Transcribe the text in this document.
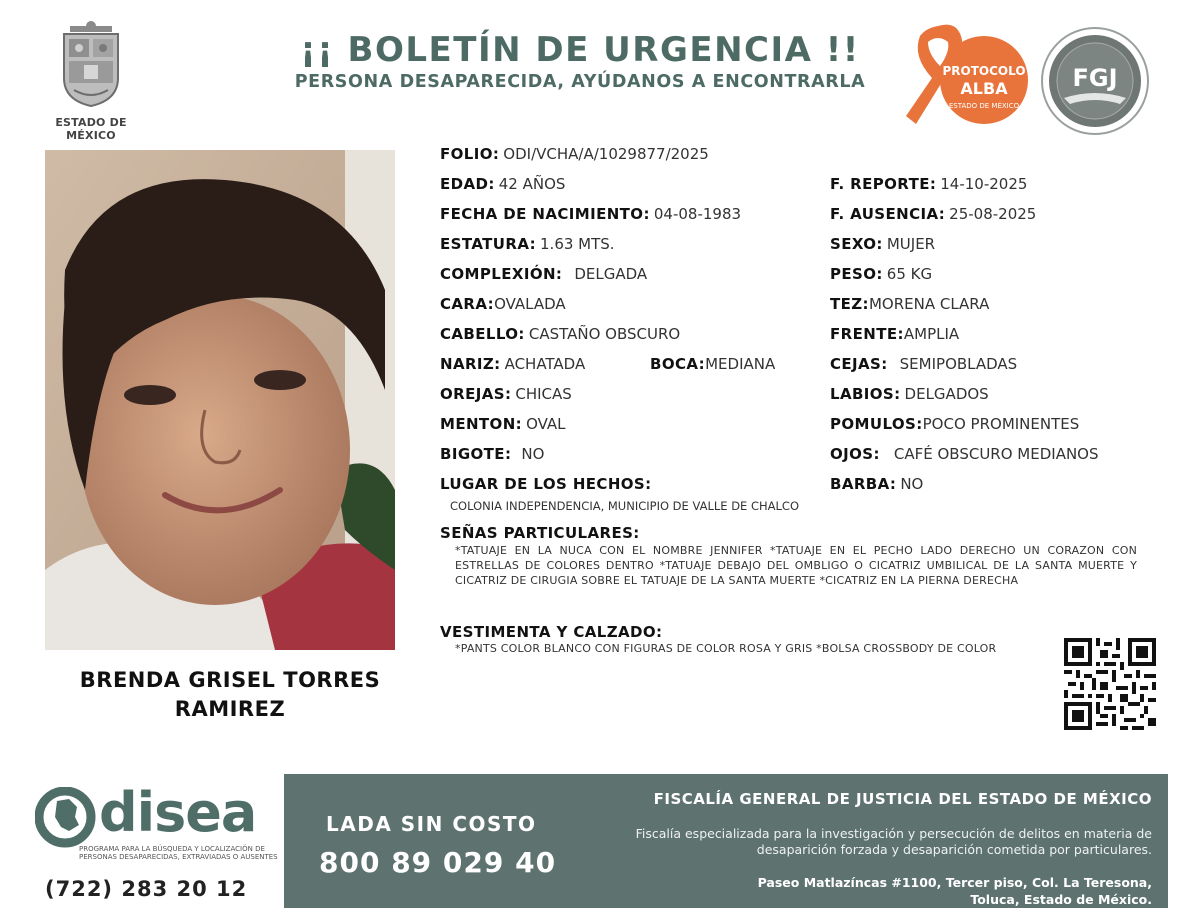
ESTADO DE MÉXICO
¡¡ BOLETÍN DE URGENCIA !!
PERSONA DESAPARECIDA, AYÚDANOS A ENCONTRARLA
PROTOCOLO
ALBA
ESTADO DE MÉXICO
FGJ
BRENDA GRISEL TORRES
RAMIREZ
FOLIO: ODI/VCHA/A/1029877/2025
EDAD: 42 AÑOS	F. REPORTE: 14-10-2025
FECHA DE NACIMIENTO: 04-08-1983	F. AUSENCIA: 25-08-2025
ESTATURA: 1.63 MTS.	SEXO: MUJER
COMPLEXIÓN: DELGADA	PESO: 65 KG
CARA:OVALADA	TEZ:MORENA CLARA
CABELLO: CASTAÑO OBSCURO	FRENTE:AMPLIA
NARIZ: ACHATADA	BOCA:MEDIANA	CEJAS: SEMIPOBLADAS
OREJAS: CHICAS	LABIOS: DELGADOS
MENTON: OVAL	POMULOS:POCO PROMINENTES
BIGOTE: NO	OJOS: CAFÉ OBSCURO MEDIANOS
LUGAR DE LOS HECHOS:	BARBA: NO
COLONIA INDEPENDENCIA, MUNICIPIO DE VALLE DE CHALCO
SEÑAS PARTICULARES:
*TATUAJE EN LA NUCA CON EL NOMBRE JENNIFER *TATUAJE EN EL PECHO LADO DERECHO UN CORAZON CON ESTRELLAS DE COLORES DENTRO *TATUAJE DEBAJO DEL OMBLIGO O CICATRIZ UMBILICAL DE LA SANTA MUERTE Y CICATRIZ DE CIRUGIA SOBRE EL TATUAJE DE LA SANTA MUERTE *CICATRIZ EN LA PIERNA DERECHA
VESTIMENTA Y CALZADO:
*PANTS COLOR BLANCO CON FIGURAS DE COLOR ROSA Y GRIS *BOLSA CROSSBODY DE COLOR
disea
PROGRAMA PARA LA BÚSQUEDA Y LOCALIZACIÓN DE PERSONAS DESAPARECIDAS, EXTRAVIADAS O AUSENTES
(722) 283 20 12
LADA SIN COSTO
800 89 029 40
FISCALÍA GENERAL DE JUSTICIA DEL ESTADO DE MÉXICO
Fiscalía especializada para la investigación y persecución de delitos en materia de desaparición forzada y desaparición cometida por particulares.
Paseo Matlazíncas #1100, Tercer piso, Col. La Teresona,
Toluca, Estado de México.
